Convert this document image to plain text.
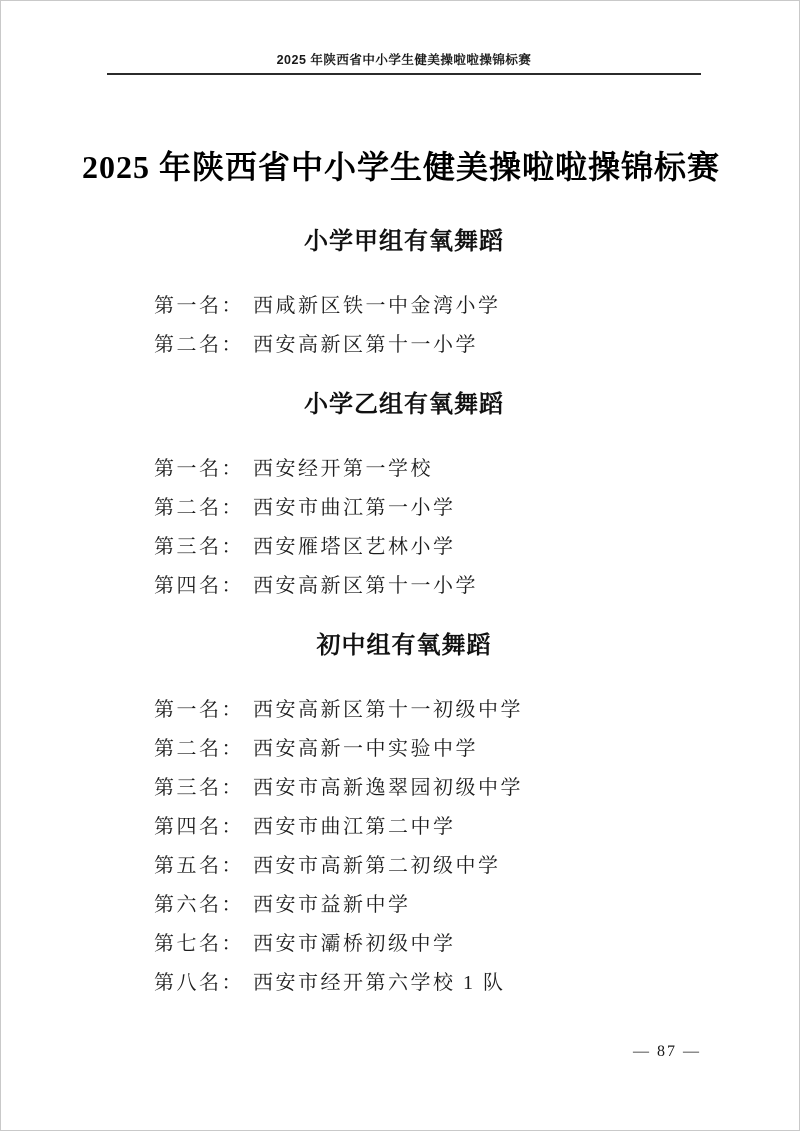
2025 年陕西省中小学生健美操啦啦操锦标赛
2025 年陕西省中小学生健美操啦啦操锦标赛
小学甲组有氧舞蹈
第一名： 西咸新区铁一中金湾小学
第二名： 西安高新区第十一小学
小学乙组有氧舞蹈
第一名： 西安经开第一学校
第二名： 西安市曲江第一小学
第三名： 西安雁塔区艺林小学
第四名： 西安高新区第十一小学
初中组有氧舞蹈
第一名： 西安高新区第十一初级中学
第二名： 西安高新一中实验中学
第三名： 西安市高新逸翠园初级中学
第四名： 西安市曲江第二中学
第五名： 西安市高新第二初级中学
第六名： 西安市益新中学
第七名： 西安市灞桥初级中学
第八名： 西安市经开第六学校 1 队
— 87 —
